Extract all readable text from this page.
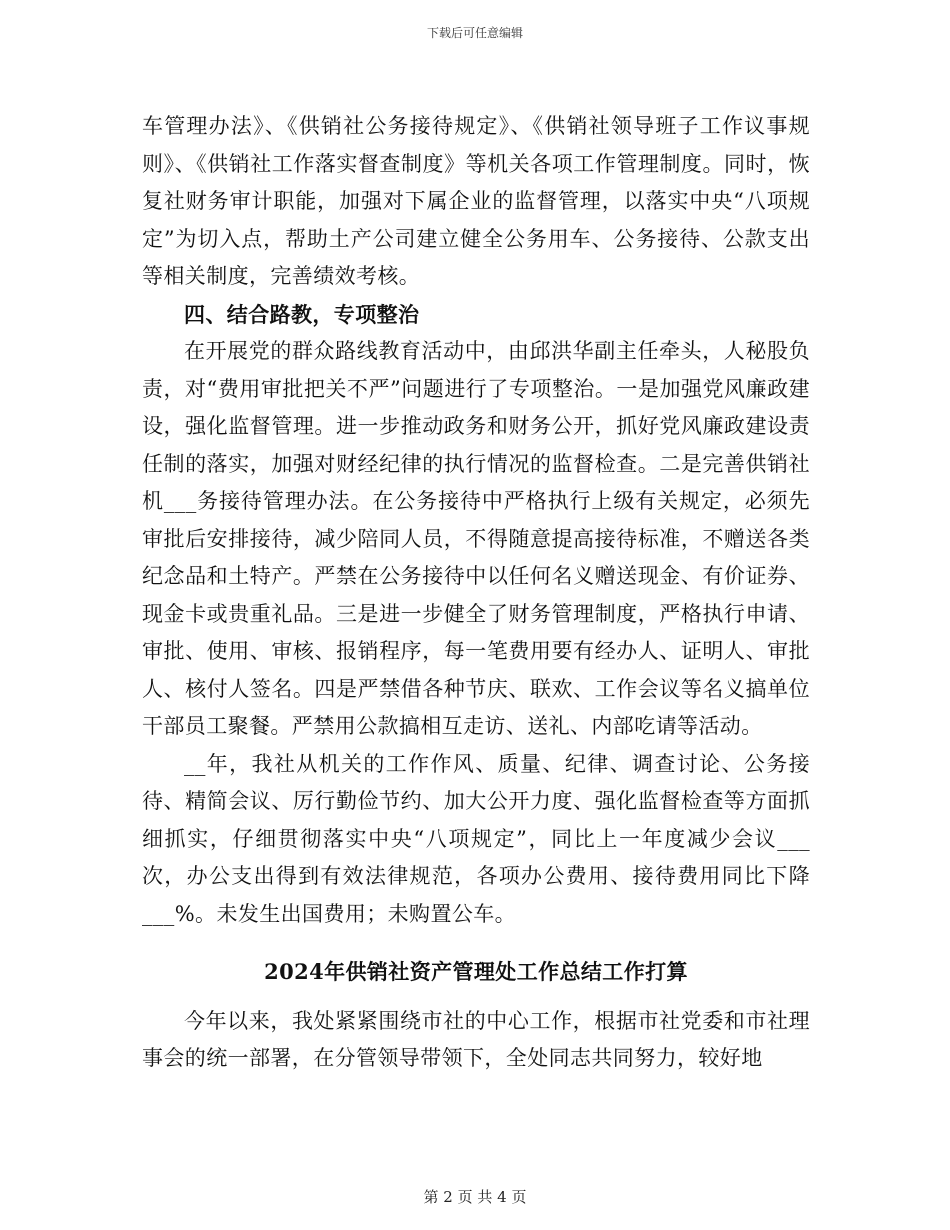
下载后可任意编辑

车管理办法》、《供销社公务接待规定》、《供销社领导班子工作议事规则》、《供销社工作落实督查制度》等机关各项工作管理制度。同时，恢复社财务审计职能，加强对下属企业的监督管理，以落实中央“八项规定”为切入点，帮助土产公司建立健全公务用车、公务接待、公款支出等相关制度，完善绩效考核。

四、结合路教，专项整治

在开展党的群众路线教育活动中，由邱洪华副主任牵头，人秘股负责，对“费用审批把关不严”问题进行了专项整治。一是加强党风廉政建设，强化监督管理。进一步推动政务和财务公开，抓好党风廉政建设责任制的落实，加强对财经纪律的执行情况的监督检查。二是完善供销社机___务接待管理办法。在公务接待中严格执行上级有关规定，必须先审批后安排接待，减少陪同人员，不得随意提高接待标准，不赠送各类纪念品和土特产。严禁在公务接待中以任何名义赠送现金、有价证券、现金卡或贵重礼品。三是进一步健全了财务管理制度，严格执行申请、审批、使用、审核、报销程序，每一笔费用要有经办人、证明人、审批人、核付人签名。四是严禁借各种节庆、联欢、工作会议等名义搞单位干部员工聚餐。严禁用公款搞相互走访、送礼、内部吃请等活动。

__年，我社从机关的工作作风、质量、纪律、调查讨论、公务接待、精简会议、厉行勤俭节约、加大公开力度、强化监督检查等方面抓细抓实，仔细贯彻落实中央“八项规定”，同比上一年度减少会议___次，办公支出得到有效法律规范，各项办公费用、接待费用同比下降___%。未发生出国费用；未购置公车。

2024年供销社资产管理处工作总结工作打算

今年以来，我处紧紧围绕市社的中心工作，根据市社党委和市社理事会的统一部署，在分管领导带领下，全处同志共同努力，较好地

第 2 页 共 4 页
